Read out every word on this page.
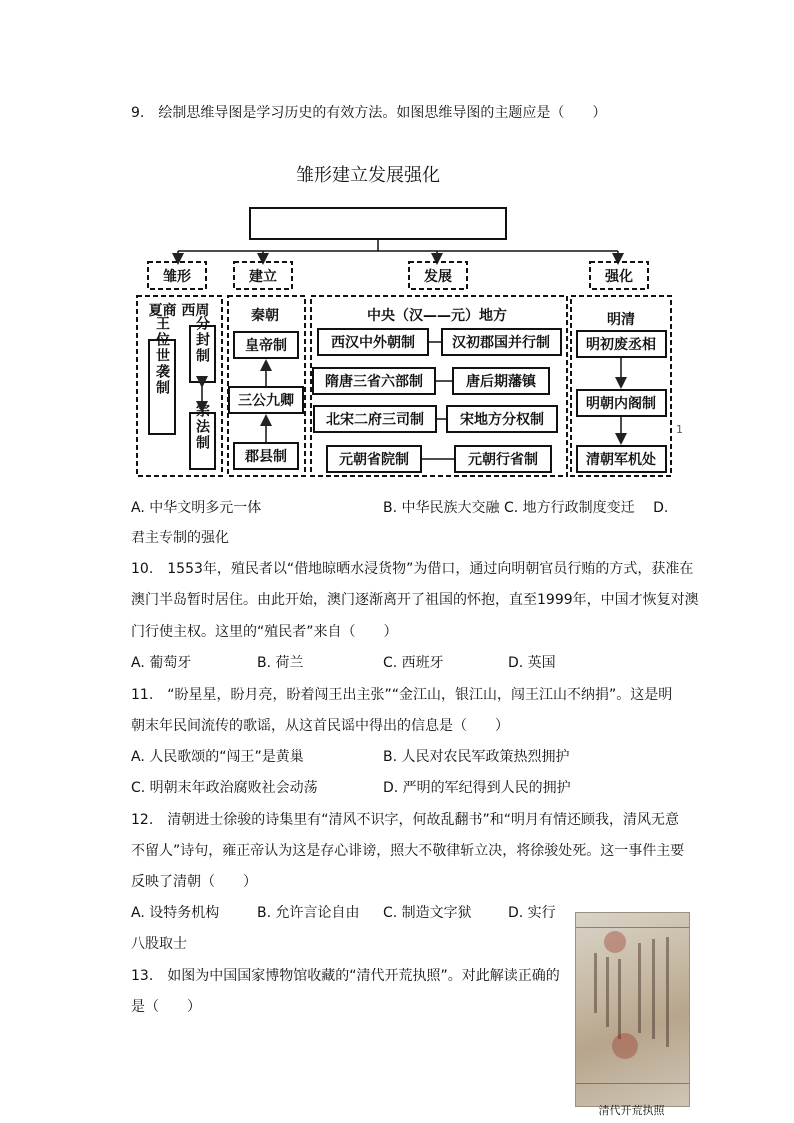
9.　绘制思维导图是学习历史的有效方法。如图思维导图的主题应是（　　）
雏形建立发展强化
雏形	建立	发展	强化
夏商 西周
王位世袭制 分封制
宗法制
秦朝
皇帝制
三公九卿
郡县制
中央（汉——元）地方
西汉中外朝制	汉初郡国并行制
隋唐三省六部制	唐后期藩镇
北宋二府三司制	宋地方分权制
元朝省院制	元朝行省制
明清
明初废丞相
明朝内阁制
清朝军机处
1
A. 中华文明多元一体	B. 中华民族大交融 C. 地方行政制度变迁　 D.
君主专制的强化
10.　1553年，殖民者以“借地晾晒水浸货物”为借口，通过向明朝官员行贿的方式，获准在
澳门半岛暂时居住。由此开始，澳门逐渐离开了祖国的怀抱，直至1999年，中国才恢复对澳
门行使主权。这里的“殖民者”来自（　　）
A. 葡萄牙	B. 荷兰	C. 西班牙	D. 英国
11.　“盼星星，盼月亮，盼着闯王出主张”“金江山，银江山，闯王江山不纳捐”。这是明
朝末年民间流传的歌谣，从这首民谣中得出的信息是（　　）
A. 人民歌颂的“闯王”是黄巢	B. 人民对农民军政策热烈拥护
C. 明朝末年政治腐败社会动荡	D. 严明的军纪得到人民的拥护
12.　清朝进士徐骏的诗集里有“清风不识字，何故乱翻书”和“明月有情还顾我，清风无意
不留人”诗句，雍正帝认为这是存心诽谤，照大不敬律斩立决，将徐骏处死。这一事件主要
反映了清朝（　　）
A. 设特务机构	B. 允许言论自由 C. 制造文字狱	D. 实行
八股取士
13.　如图为中国国家博物馆收藏的“清代开荒执照”。对此解读正确的
是（　　）
清代开荒执照
